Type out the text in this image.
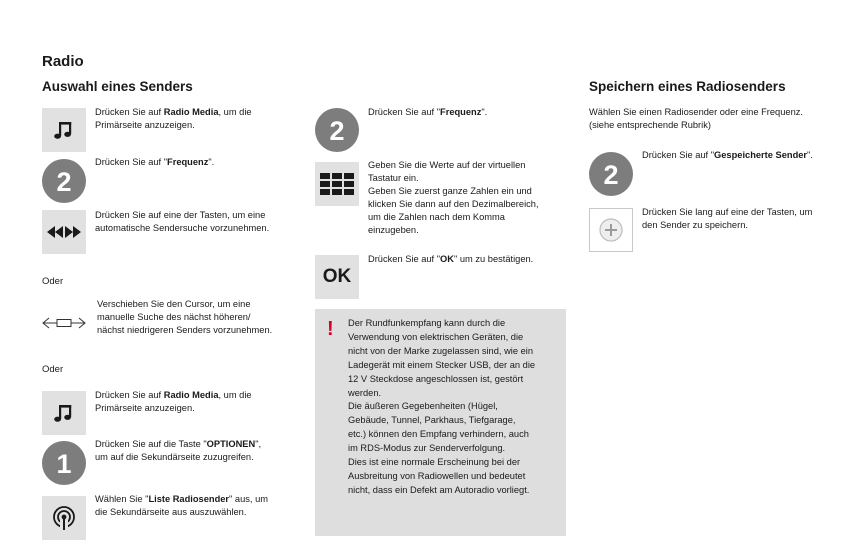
Radio
Auswahl eines Senders	Speichern eines Radiosenders
Drücken Sie auf Radio Media, um die
Primärseite anzuzeigen.
2
Drücken Sie auf "Frequenz".
Drücken Sie auf eine der Tasten, um eine
automatische Sendersuche vorzunehmen.
Oder
Verschieben Sie den Cursor, um eine
manuelle Suche des nächst höheren/
nächst niedrigeren Senders vorzunehmen.
Oder
Drücken Sie auf Radio Media, um die
Primärseite anzuzeigen.
1
Drücken Sie auf die Taste "OPTIONEN",
um auf die Sekundärseite zuzugreifen.
Wählen Sie "Liste Radiosender" aus, um
die Sekundärseite aus auszuwählen.
2
Drücken Sie auf "Frequenz".
Geben Sie die Werte auf der virtuellen
Tastatur ein.
Geben Sie zuerst ganze Zahlen ein und
klicken Sie dann auf den Dezimalbereich,
um die Zahlen nach dem Komma
einzugeben.
OK
Drücken Sie auf "OK" um zu bestätigen.
! Der Rundfunkempfang kann durch die
Verwendung von elektrischen Geräten, die
nicht von der Marke zugelassen sind, wie ein
Ladegerät mit einem Stecker USB, der an die
12 V Steckdose angeschlossen ist, gestört
werden.
Die äußeren Gegebenheiten (Hügel,
Gebäude, Tunnel, Parkhaus, Tiefgarage,
etc.) können den Empfang verhindern, auch
im RDS-Modus zur Senderverfolgung.
Dies ist eine normale Erscheinung bei der
Ausbreitung von Radiowellen und bedeutet
nicht, dass ein Defekt am Autoradio vorliegt.
Wählen Sie einen Radiosender oder eine Frequenz.
(siehe entsprechende Rubrik)
2
Drücken Sie auf "Gespeicherte Sender".
Drücken Sie lang auf eine der Tasten, um
den Sender zu speichern.
